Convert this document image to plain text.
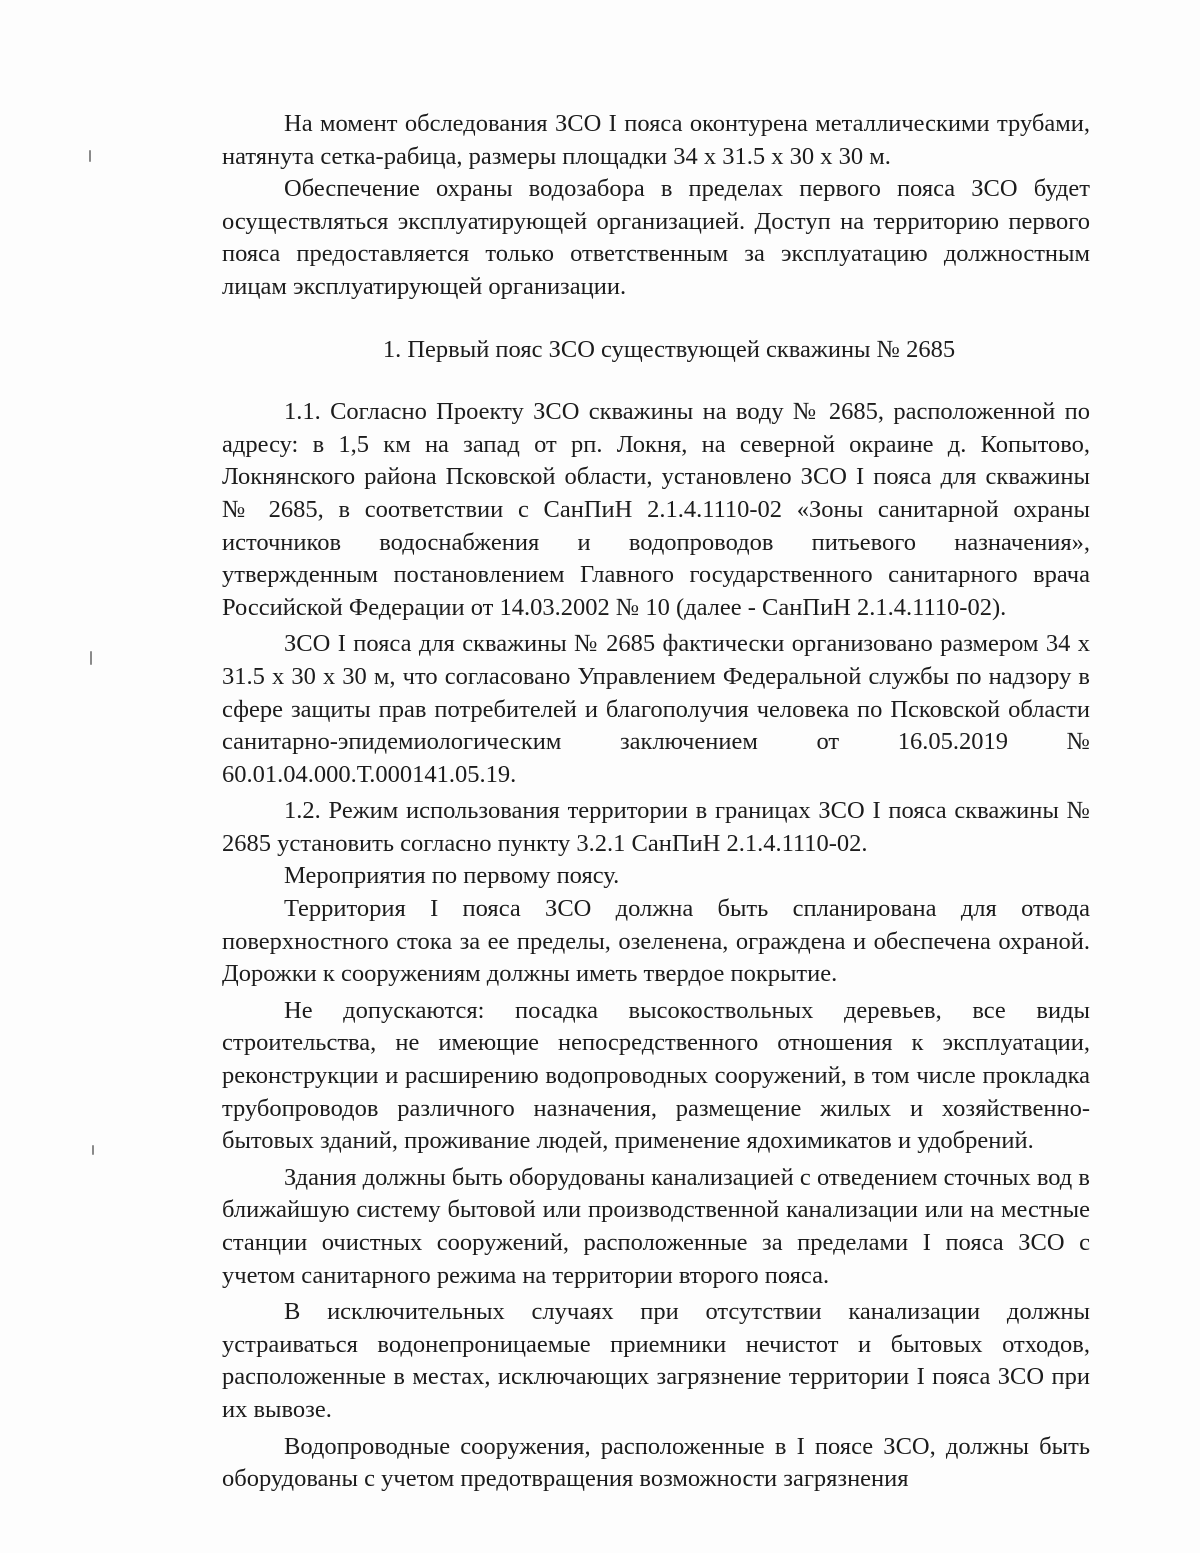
На момент обследования ЗСО I пояса оконтурена металлическими трубами, натянута сетка-рабица, размеры площадки 34 х 31.5 х 30 х 30 м.

Обеспечение охраны водозабора в пределах первого пояса ЗСО будет осуществляться эксплуатирующей организацией. Доступ на территорию первого пояса предоставляется только ответственным за эксплуатацию должностным лицам эксплуатирующей организации.

1. Первый пояс ЗСО существующей скважины № 2685

1.1. Согласно Проекту ЗСО скважины на воду № 2685, расположенной по адресу: в 1,5 км на запад от рп. Локня, на северной окраине д. Копытово, Локнянского района Псковской области, установлено ЗСО I пояса для скважины № 2685, в соответствии с СанПиН 2.1.4.1110-02 «Зоны санитарной охраны источников водоснабжения и водопроводов питьевого назначения», утвержденным постановлением Главного государственного санитарного врача Российской Федерации от 14.03.2002 № 10 (далее - СанПиН 2.1.4.1110-02).

ЗСО I пояса для скважины № 2685 фактически организовано размером 34 х 31.5 х 30 х 30 м, что согласовано Управлением Федеральной службы по надзору в сфере защиты прав потребителей и благополучия человека по Псковской области санитарно-эпидемиологическим заключением от 16.05.2019 № 60.01.04.000.Т.000141.05.19.

1.2. Режим использования территории в границах ЗСО I пояса скважины № 2685 установить согласно пункту 3.2.1 СанПиН 2.1.4.1110-02.

Мероприятия по первому поясу.

Территория I пояса ЗСО должна быть спланирована для отвода поверхностного стока за ее пределы, озеленена, ограждена и обеспечена охраной. Дорожки к сооружениям должны иметь твердое покрытие.

Не допускаются: посадка высокоствольных деревьев, все виды строительства, не имеющие непосредственного отношения к эксплуатации, реконструкции и расширению водопроводных сооружений, в том числе прокладка трубопроводов различного назначения, размещение жилых и хозяйственно-бытовых зданий, проживание людей, применение ядохимикатов и удобрений.

Здания должны быть оборудованы канализацией с отведением сточных вод в ближайшую систему бытовой или производственной канализации или на местные станции очистных сооружений, расположенные за пределами I пояса ЗСО с учетом санитарного режима на территории второго пояса.

В исключительных случаях при отсутствии канализации должны устраиваться водонепроницаемые приемники нечистот и бытовых отходов, расположенные в местах, исключающих загрязнение территории I пояса ЗСО при их вывозе.

Водопроводные сооружения, расположенные в I поясе ЗСО, должны быть оборудованы с учетом предотвращения возможности загрязнения
